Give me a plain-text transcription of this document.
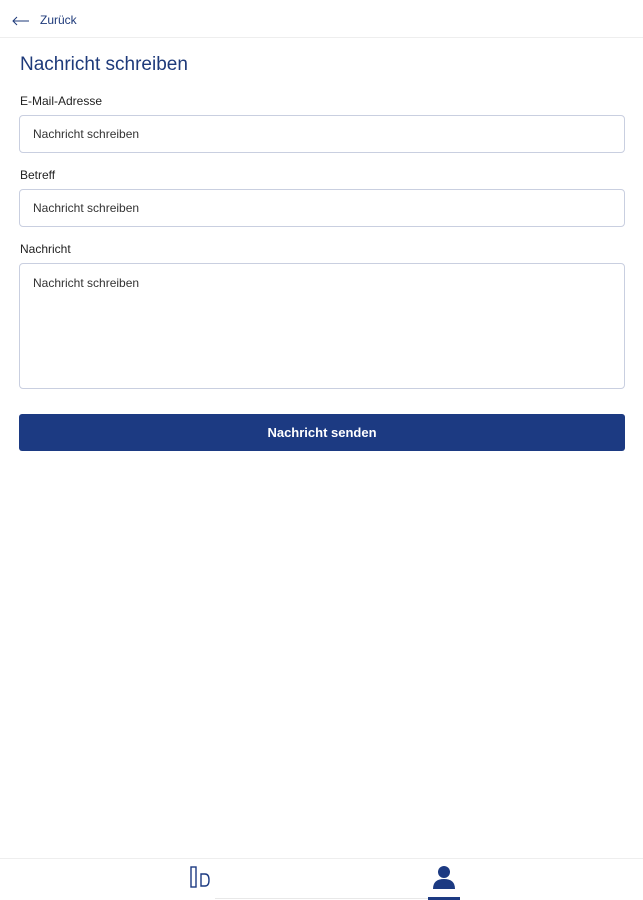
Zurück
Nachricht schreiben
E-Mail-Adresse
Nachricht schreiben
Betreff
Nachricht schreiben
Nachricht
Nachricht schreiben
Nachricht senden
